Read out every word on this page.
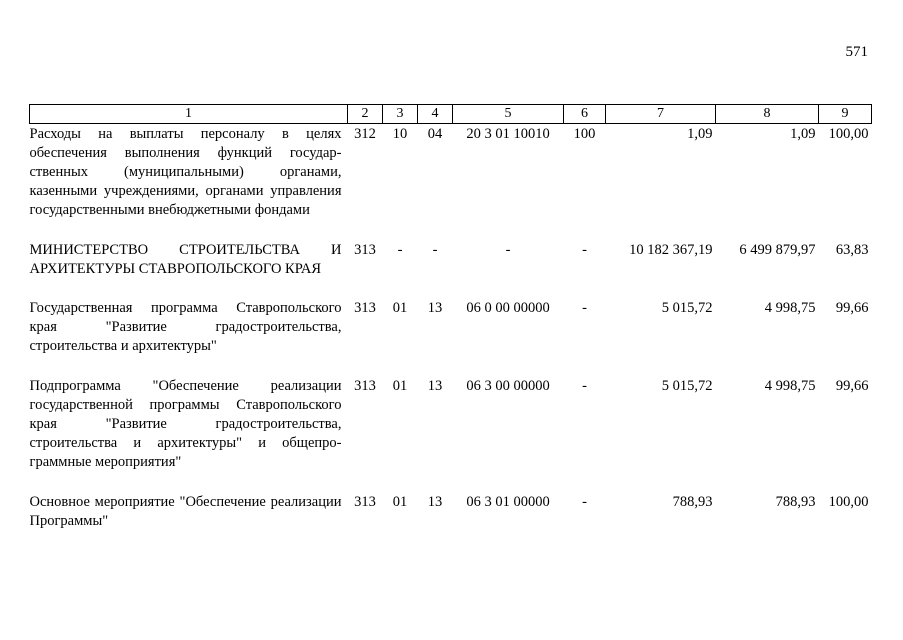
571
1	2	3	4	5	6	7	8	9
Расходы на выплаты персоналу в целях обеспечения выполнения функций государ-ственных (муниципальными) органами, казенными учреждениями, органами управления государственными внебюджетными фондами	312	10	04	20 3 01 10010	100	1,09	1,09	100,00
МИНИСТЕРСТВО СТРОИТЕЛЬСТВА И АРХИТЕКТУРЫ СТАВРОПОЛЬСКОГО КРАЯ	313	-	-	-	-	10 182 367,19	6 499 879,97	63,83
Государственная программа Ставропольского края "Развитие градостроительства, строительства и архитектуры"	313	01	13	06 0 00 00000	-	5 015,72	4 998,75	99,66
Подпрограмма "Обеспечение реализации государственной программы Ставропольского края "Развитие градостроительства, строительства и архитектуры" и общепро-граммные мероприятия"	313	01	13	06 3 00 00000	-	5 015,72	4 998,75	99,66
Основное мероприятие "Обеспечение реализации Программы"	313	01	13	06 3 01 00000	-	788,93	788,93	100,00
